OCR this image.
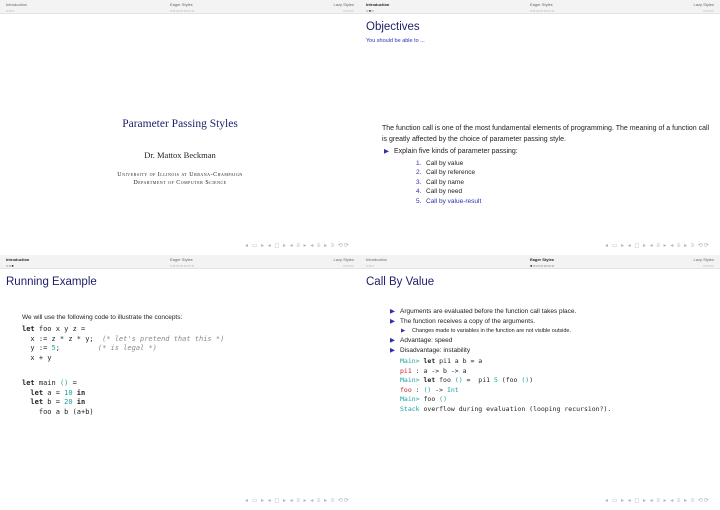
Introduction
○○○
Eager Styles
○○○○○○○○○
Lazy Styles
○○○○
Parameter Passing Styles
Dr. Mattox Beckman
University of Illinois at Urbana-Champaign
Department of Computer Science
◂ ▭ ▸ ◂ ◻ ▸ ◂ ≡ ▸ ◂ ≡ ▸ ≡ ⟲⟳
Introduction
○●○
Eager Styles
○○○○○○○○○
Lazy Styles
○○○○
Objectives
You should be able to ...
The function call is one of the most fundamental elements of programming. The meaning of a function call is greatly affected by the choice of parameter passing style.
▶ Explain five kinds of parameter passing:
1. Call by value
2. Call by reference
3. Call by name
4. Call by need
5. Call by value-result
◂ ▭ ▸ ◂ ◻ ▸ ◂ ≡ ▸ ◂ ≡ ▸ ≡ ⟲⟳
Introduction
○○●
Eager Styles
○○○○○○○○○
Lazy Styles
○○○○
Running Example
We will use the following code to illustrate the concepts:
let foo x y z =
x := z * z * y;  (* let's pretend that this *)
y := 5;         (* is legal *)
x + y
let main () =
let a = 10 in
let b = 20 in
foo a b (a+b)
◂ ▭ ▸ ◂ ◻ ▸ ◂ ≡ ▸ ◂ ≡ ▸ ≡ ⟲⟳
Introduction
○○○
Eager Styles
●○○○○○○○○
Lazy Styles
○○○○
Call By Value
▶ Arguments are evaluated before the function call takes place.
▶ The function receives a copy of the arguments.
▶ Changes made to variables in the function are not visible outside.
▶ Advantage: speed
▶ Disadvantage: instability
Main> let pi1 a b = a
pi1 : a -> b -> a
Main> let foo () =  pi1 5 (foo ())
foo : () -> Int
Main> foo ()
Stack overflow during evaluation (looping recursion?).
◂ ▭ ▸ ◂ ◻ ▸ ◂ ≡ ▸ ◂ ≡ ▸ ≡ ⟲⟳
